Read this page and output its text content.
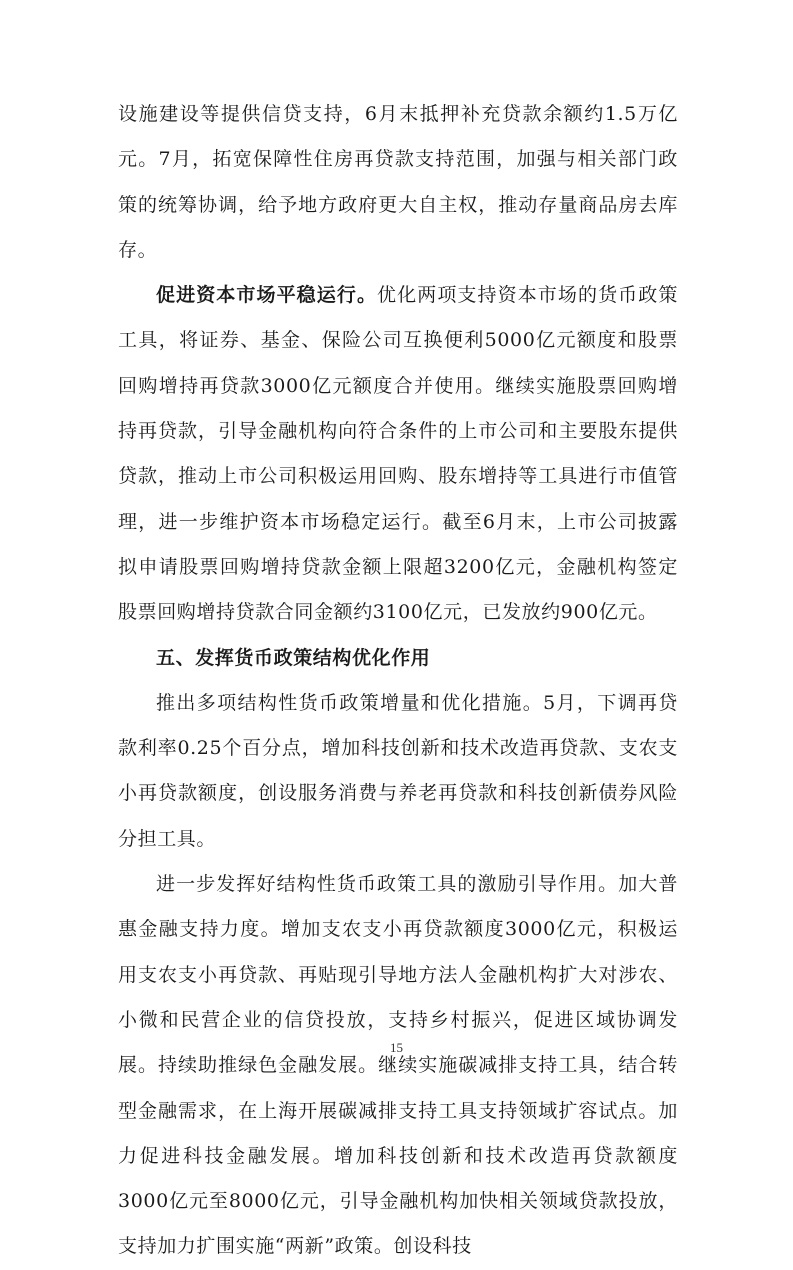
设施建设等提供信贷支持，6月末抵押补充贷款余额约1.5万亿元。7月，拓宽保障性住房再贷款支持范围，加强与相关部门政策的统筹协调，给予地方政府更大自主权，推动存量商品房去库存。

促进资本市场平稳运行。优化两项支持资本市场的货币政策工具，将证券、基金、保险公司互换便利5000亿元额度和股票回购增持再贷款3000亿元额度合并使用。继续实施股票回购增持再贷款，引导金融机构向符合条件的上市公司和主要股东提供贷款，推动上市公司积极运用回购、股东增持等工具进行市值管理，进一步维护资本市场稳定运行。截至6月末，上市公司披露拟申请股票回购增持贷款金额上限超3200亿元，金融机构签定股票回购增持贷款合同金额约3100亿元，已发放约900亿元。

五、发挥货币政策结构优化作用

推出多项结构性货币政策增量和优化措施。5月，下调再贷款利率0.25个百分点，增加科技创新和技术改造再贷款、支农支小再贷款额度，创设服务消费与养老再贷款和科技创新债券风险分担工具。

进一步发挥好结构性货币政策工具的激励引导作用。加大普惠金融支持力度。增加支农支小再贷款额度3000亿元，积极运用支农支小再贷款、再贴现引导地方法人金融机构扩大对涉农、小微和民营企业的信贷投放，支持乡村振兴，促进区域协调发展。持续助推绿色金融发展。继续实施碳减排支持工具，结合转型金融需求，在上海开展碳减排支持工具支持领域扩容试点。加力促进科技金融发展。增加科技创新和技术改造再贷款额度3000亿元至8000亿元，引导金融机构加快相关领域贷款投放，支持加力扩围实施“两新”政策。创设科技

15
